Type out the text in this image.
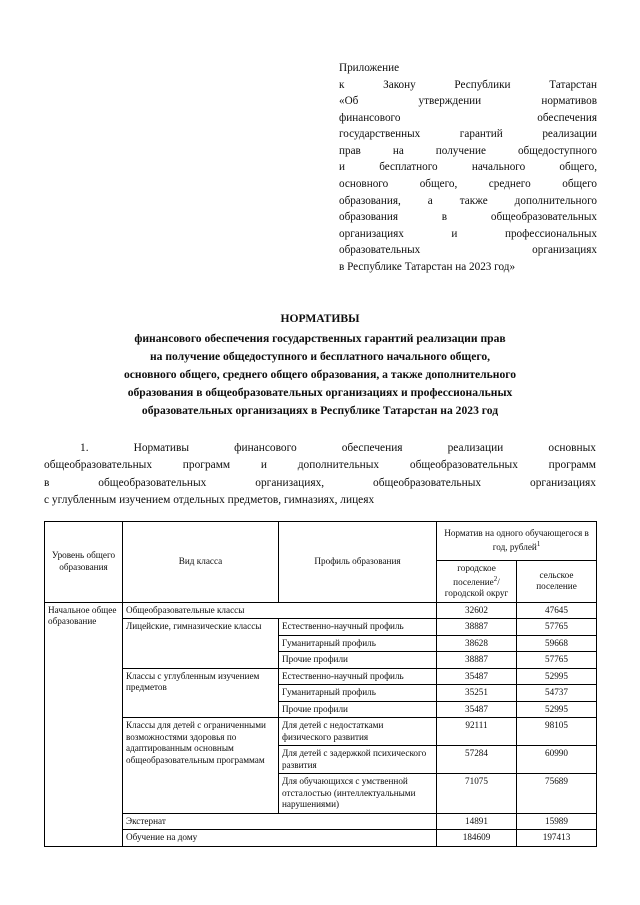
Приложение
к Закону Республики Татарстан
«Об утверждении нормативов
финансового обеспечения
государственных гарантий реализации
прав на получение общедоступного
и бесплатного начального общего,
основного общего, среднего общего
образования, а также дополнительного
образования в общеобразовательных
организациях и профессиональных
образовательных организациях
в Республике Татарстан на 2023 год»
НОРМАТИВЫ
финансового обеспечения государственных гарантий реализации прав
на получение общедоступного и бесплатного начального общего,
основного общего, среднего общего образования, а также дополнительного
образования в общеобразовательных организациях и профессиональных
образовательных организациях в Республике Татарстан на 2023 год
1.	Нормативы финансового обеспечения реализации основных
общеобразовательных программ и дополнительных общеобразовательных программ
в общеобразовательных организациях, общеобразовательных организациях
с углубленным изучением отдельных предметов, гимназиях, лицеях
Уровень общего образования	Вид класса	Профиль образования	Норматив на одного обучающегося в год, рублей$^1$
			городское поселение$^2$/ городской округ	сельское поселение
Начальное общее образование	Общеобразовательные классы		32602	47645
	Лицейские, гимназические классы	Естественно-научный профиль	38887	57765
		Гуманитарный профиль	38628	59668
		Прочие профили	38887	57765
	Классы с углубленным изучением предметов	Естественно-научный профиль	35487	52995
		Гуманитарный профиль	35251	54737
		Прочие профили	35487	52995
	Классы для детей с ограниченными возможностями здоровья по адаптированным основным общеобразовательным программам	Для детей с недостатками физического развития	92111	98105
		Для детей с задержкой психического развития	57284	60990
		Для обучающихся с умственной отсталостью (интеллектуальными нарушениями)	71075	75689
	Экстернат		14891	15989
	Обучение на дому		184609	197413
